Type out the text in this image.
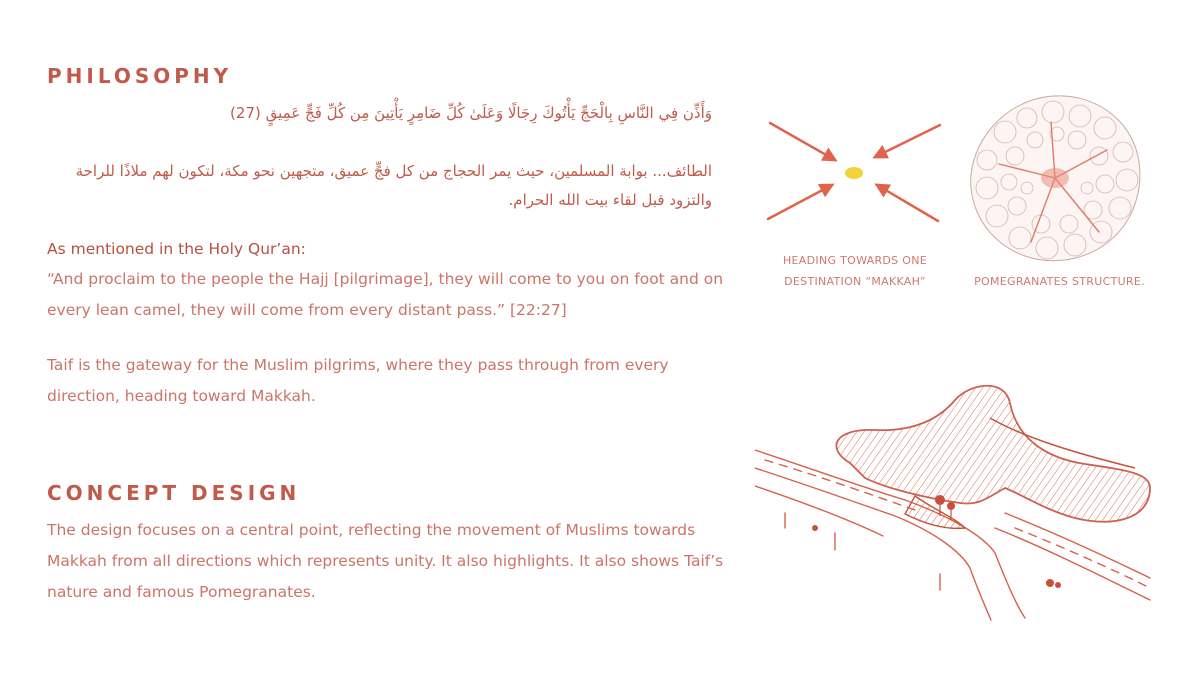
PHILOSOPHY
وَأَذِّن فِي النَّاسِ بِالْحَجِّ يَأْتُوكَ رِجَالًا وَعَلَىٰ كُلِّ ضَامِرٍ يَأْتِينَ مِن كُلِّ فَجٍّ عَمِيقٍ (27)
الطائف... بوابة المسلمين، حيث يمر الحجاج من كل فجٍّ عميق، متجهين نحو مكة، لتكون لهم ملاذًا للراحة والتزود قبل لقاء بيت الله الحرام.

As mentioned in the Holy Qur’an:

“And proclaim to the people the Hajj [pilgrimage], they will come to you on foot and on every lean camel, they will come from every distant pass.” [22:27]

Taif is the gateway for the Muslim pilgrims, where they pass through from every direction, heading toward Makkah.

CONCEPT DESIGN

The design focuses on a central point, reflecting the movement of Muslims towards Makkah from all directions which represents unity. It also highlights. It also shows Taif’s nature and famous Pomegranates.

HEADING TOWARDS ONE DESTINATION “MAKKAH”	POMEGRANATES STRUCTURE.
